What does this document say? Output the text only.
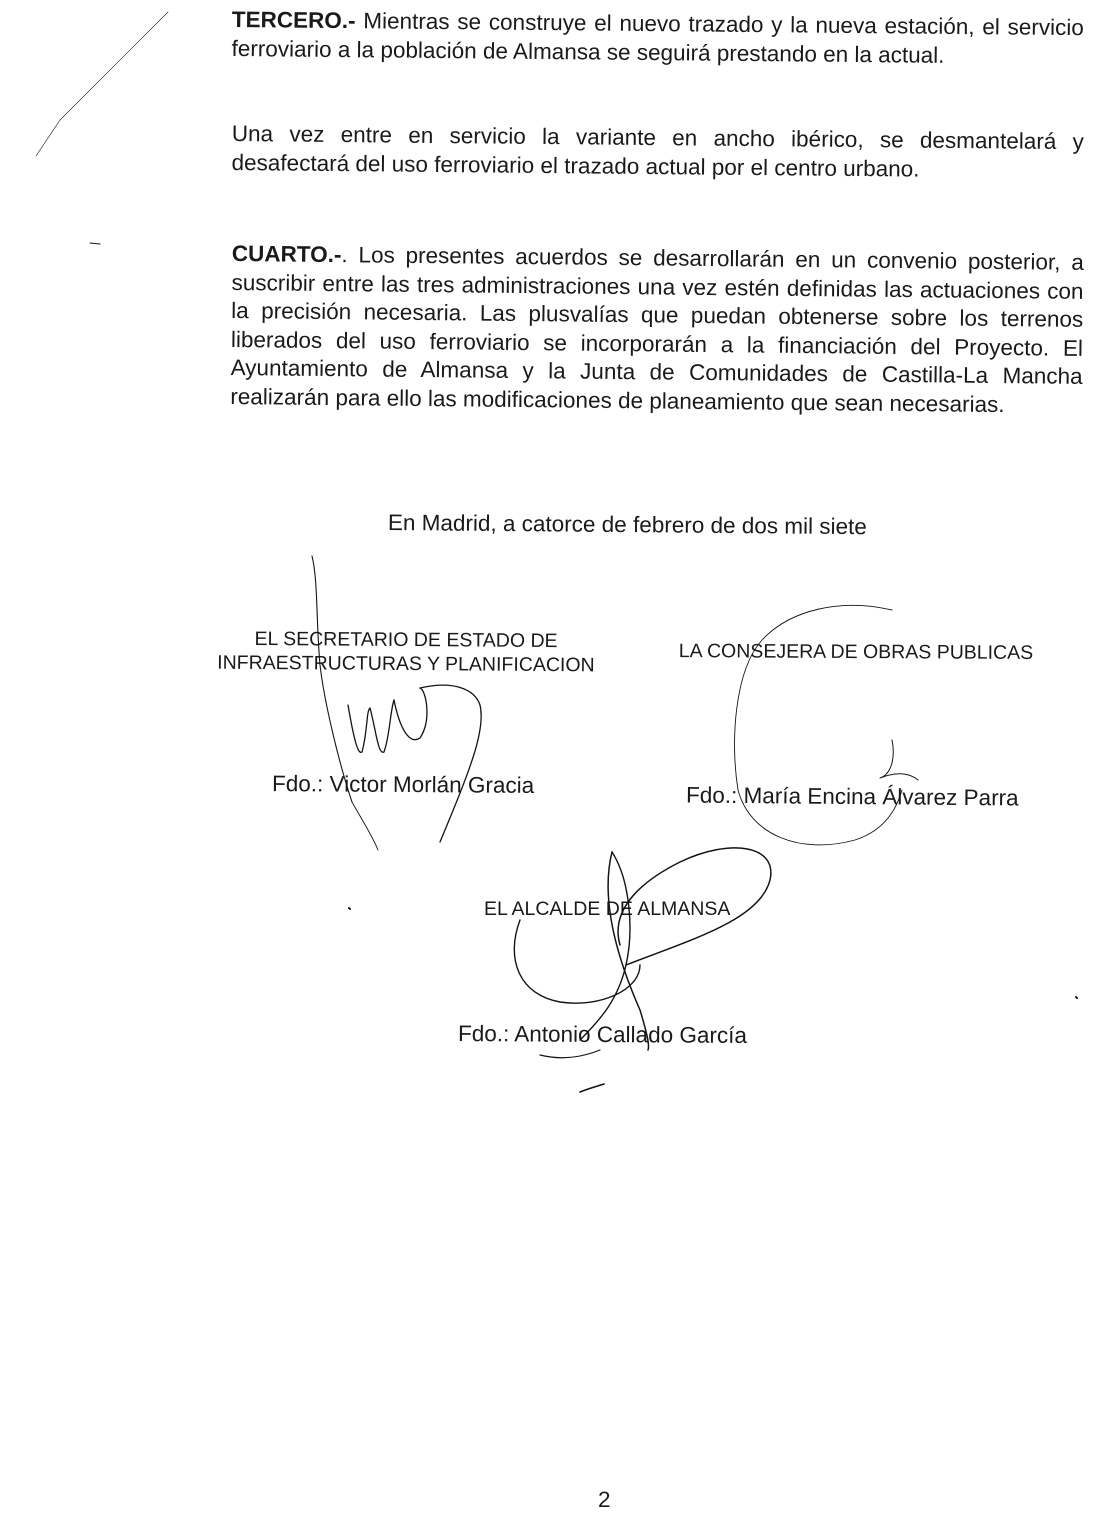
TERCERO.- Mientras se construye el nuevo trazado y la nueva estación, el servicio ferroviario a la población de Almansa se seguirá prestando en la actual.

Una vez entre en servicio la variante en ancho ibérico, se desmantelará y desafectará del uso ferroviario el trazado actual por el centro urbano.

CUARTO.-. Los presentes acuerdos se desarrollarán en un convenio posterior, a suscribir entre las tres administraciones una vez estén definidas las actuaciones con la precisión necesaria. Las plusvalías que puedan obtenerse sobre los terrenos liberados del uso ferroviario se incorporarán a la financiación del Proyecto. El Ayuntamiento de Almansa y la Junta de Comunidades de Castilla-La Mancha realizarán para ello las modificaciones de planeamiento que sean necesarias.

En Madrid, a catorce de febrero de dos mil siete
EL SECRETARIO DE ESTADO DE
INFRAESTRUCTURAS Y PLANIFICACION	LA CONSEJERA DE OBRAS PUBLICAS
Fdo.: Victor Morlán Gracia	Fdo.: María Encina Álvarez Parra
EL ALCALDE DE ALMANSA
Fdo.: Antonio Callado García
2
